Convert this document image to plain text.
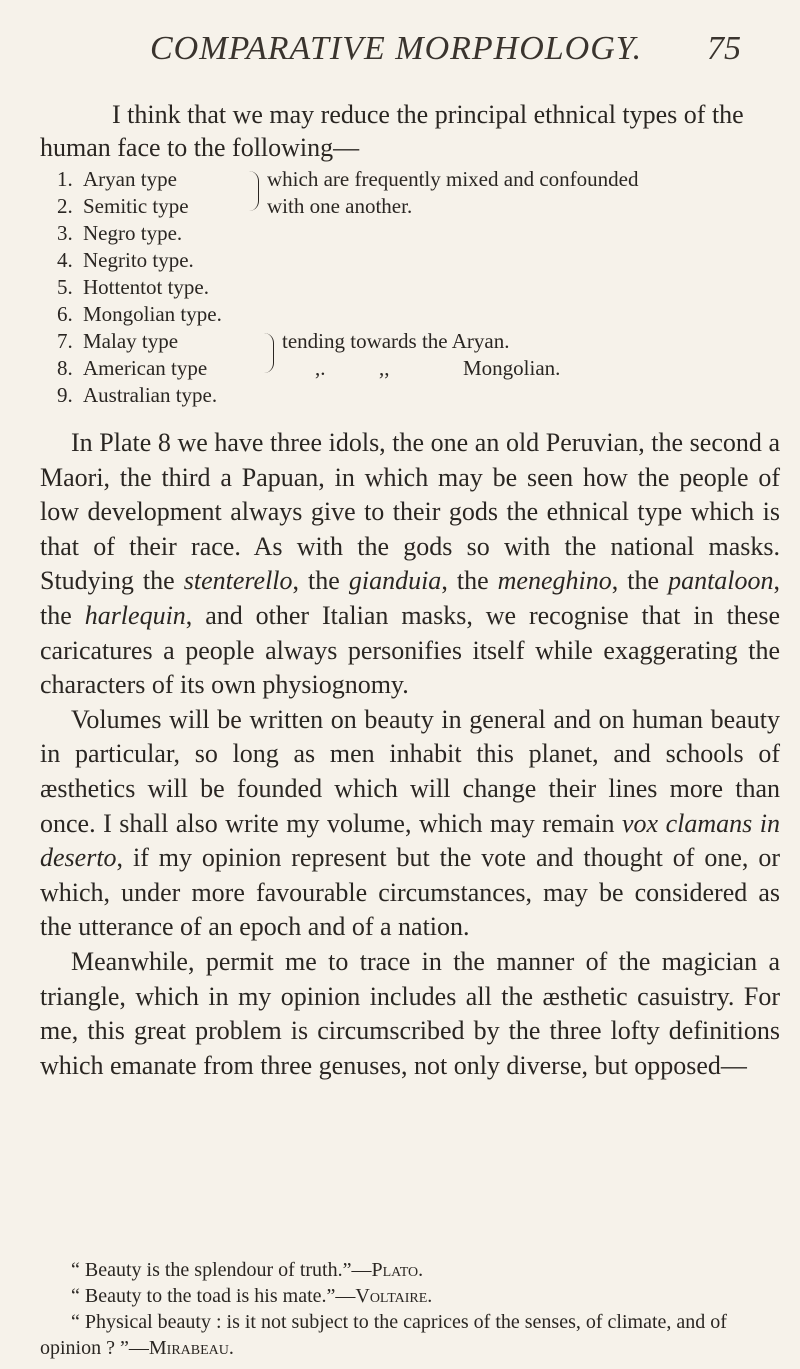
COMPARATIVE MORPHOLOGY. 75

I think that we may reduce the principal ethnical types of the human face to the following—

1. Aryan type
2. Semitic type
3. Negro type.
4. Negrito type.
5. Hottentot type.
6. Mongolian type.
7. Malay type
8. American type
9. Australian type.
which are frequently mixed and confounded
with one another.
tending towards the Aryan.
,.	,,	Mongolian.

In Plate 8 we have three idols, the one an old Peruvian, the second a Maori, the third a Papuan, in which may be seen how the people of low development always give to their gods the ethnical type which is that of their race. As with the gods so with the national masks. Studying the stenterello, the gianduia, the meneghino, the pantaloon, the harlequin, and other Italian masks, we recognise that in these caricatures a people always personifies itself while exaggerating the characters of its own physiognomy.

Volumes will be written on beauty in general and on human beauty in particular, so long as men inhabit this planet, and schools of æsthetics will be founded which will change their lines more than once. I shall also write my volume, which may remain vox clamans in deserto, if my opinion represent but the vote and thought of one, or which, under more favourable circumstances, may be considered as the utterance of an epoch and of a nation.

Meanwhile, permit me to trace in the manner of the magician a triangle, which in my opinion includes all the æsthetic casuistry. For me, this great problem is circumscribed by the three lofty definitions which emanate from three genuses, not only diverse, but opposed—

“ Beauty is the splendour of truth.”—Plato.

“ Beauty to the toad is his mate.”—Voltaire.

“ Physical beauty : is it not subject to the caprices of the senses, of climate, and of opinion ? ”—Mirabeau.
